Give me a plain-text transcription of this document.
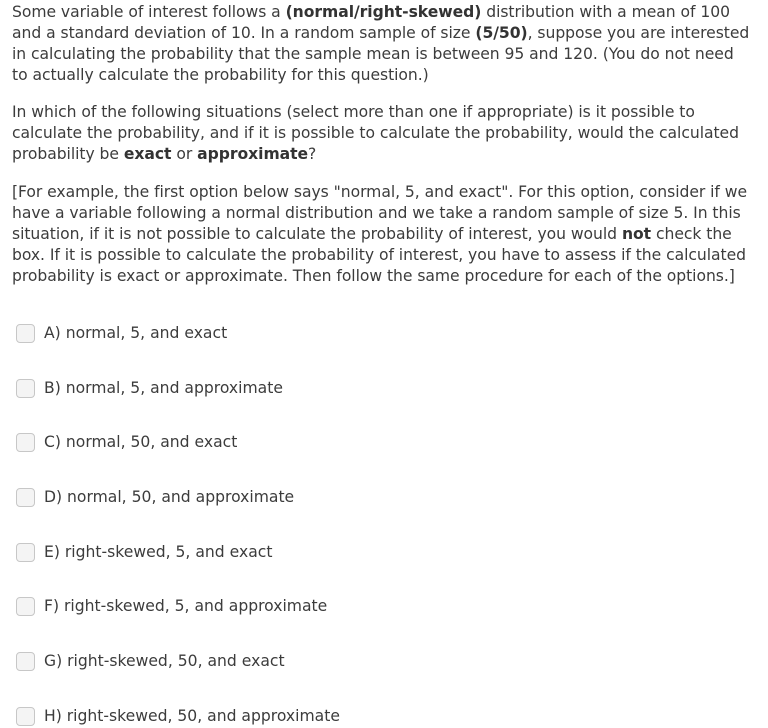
Some variable of interest follows a (normal/right-skewed) distribution with a mean of 100 and a standard deviation of 10. In a random sample of size (5/50), suppose you are interested in calculating the probability that the sample mean is between 95 and 120. (You do not need to actually calculate the probability for this question.)

In which of the following situations (select more than one if appropriate) is it possible to calculate the probability, and if it is possible to calculate the probability, would the calculated probability be exact or approximate?

[For example, the first option below says "normal, 5, and exact". For this option, consider if we have a variable following a normal distribution and we take a random sample of size 5. In this situation, if it is not possible to calculate the probability of interest, you would not check the box. If it is possible to calculate the probability of interest, you have to assess if the calculated probability is exact or approximate. Then follow the same procedure for each of the options.]

A) normal, 5, and exact
B) normal, 5, and approximate
C) normal, 50, and exact
D) normal, 50, and approximate
E) right-skewed, 5, and exact
F) right-skewed, 5, and approximate
G) right-skewed, 50, and exact
H) right-skewed, 50, and approximate
